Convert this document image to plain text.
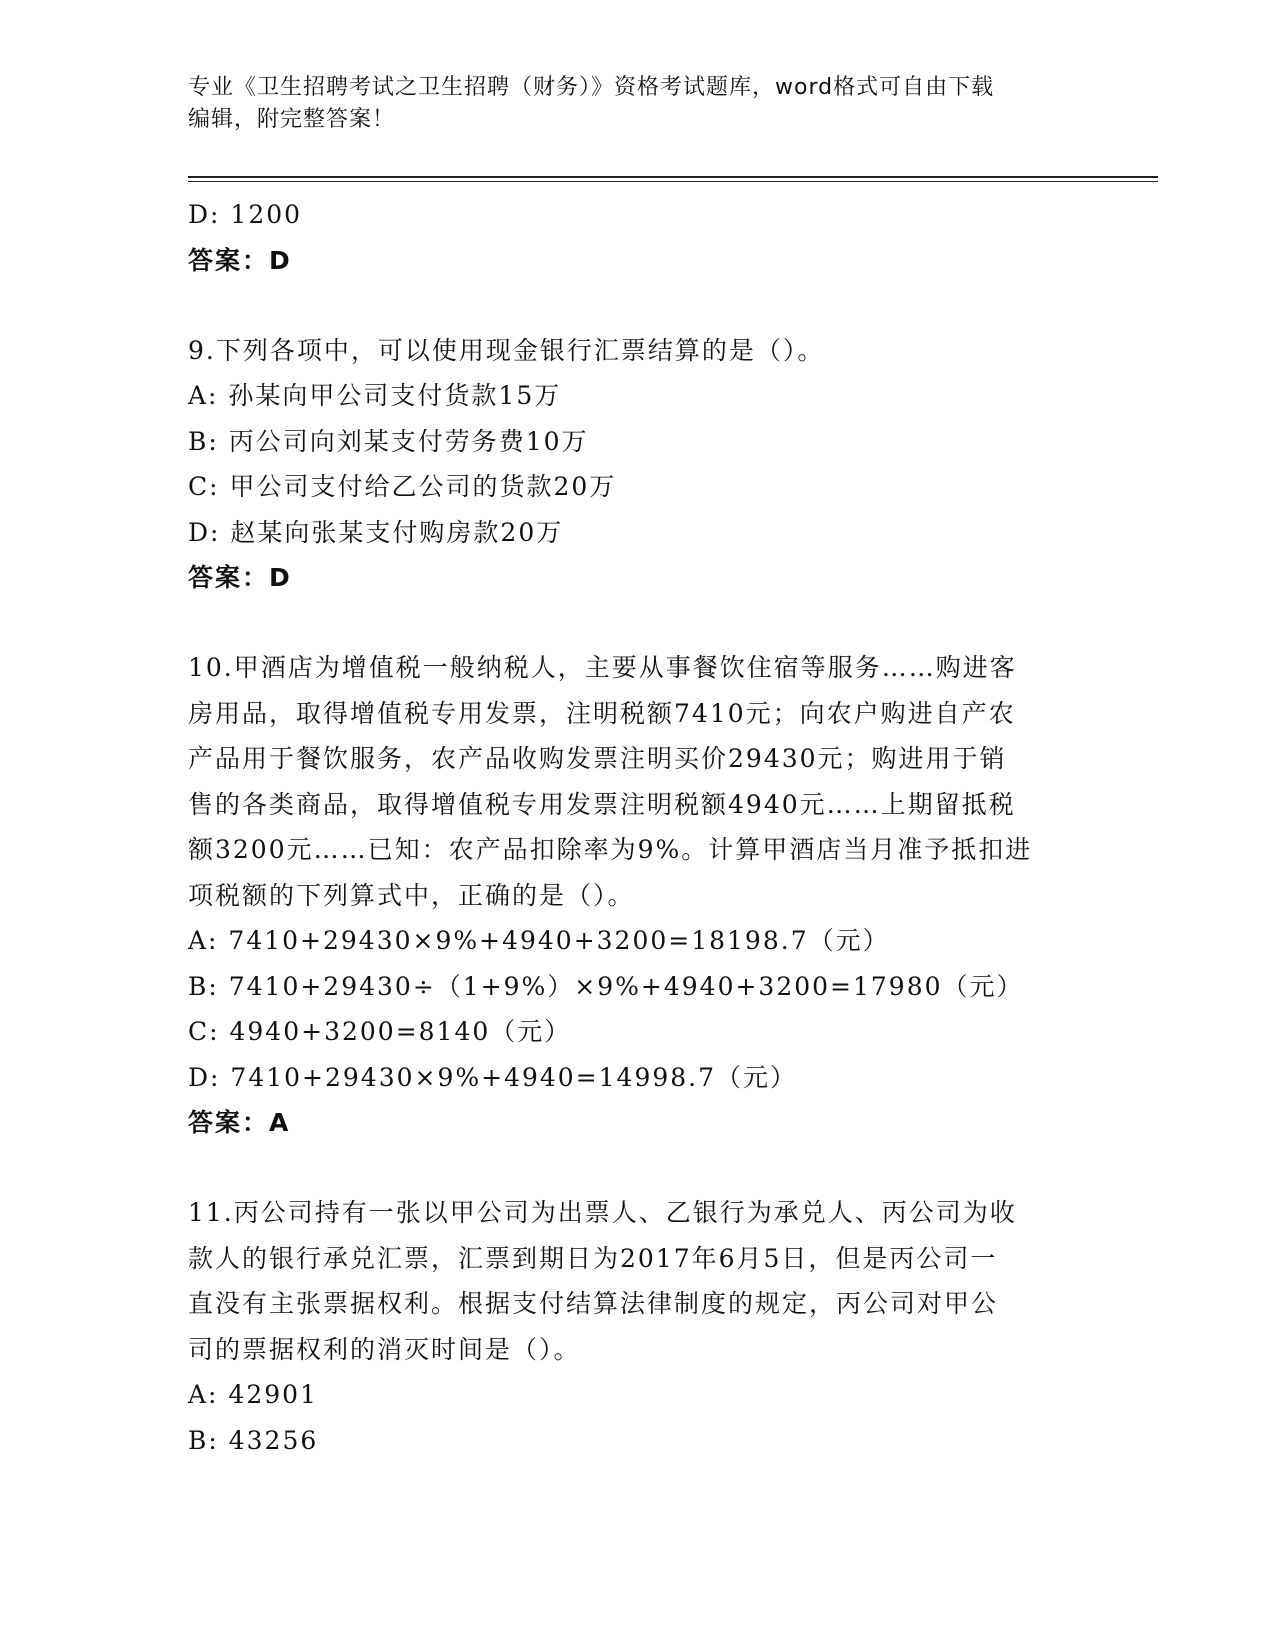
专业《卫生招聘考试之卫生招聘（财务）》资格考试题库，word格式可自由下载
编辑，附完整答案！
D: 1200
答案：D
9.下列各项中，可以使用现金银行汇票结算的是（）。
A: 孙某向甲公司支付货款15万
B: 丙公司向刘某支付劳务费10万
C: 甲公司支付给乙公司的货款20万
D: 赵某向张某支付购房款20万
答案：D
10.甲酒店为增值税一般纳税人，主要从事餐饮住宿等服务……购进客
房用品，取得增值税专用发票，注明税额7410元；向农户购进自产农
产品用于餐饮服务，农产品收购发票注明买价29430元；购进用于销
售的各类商品，取得增值税专用发票注明税额4940元……上期留抵税
额3200元……已知：农产品扣除率为9%。计算甲酒店当月准予抵扣进
项税额的下列算式中，正确的是（）。
A: 7410+29430×9%+4940+3200=18198.7（元）
B: 7410+29430÷（1+9%）×9%+4940+3200=17980（元）
C: 4940+3200=8140（元）
D: 7410+29430×9%+4940=14998.7（元）
答案：A
11.丙公司持有一张以甲公司为出票人、乙银行为承兑人、丙公司为收
款人的银行承兑汇票，汇票到期日为2017年6月5日，但是丙公司一
直没有主张票据权利。根据支付结算法律制度的规定，丙公司对甲公
司的票据权利的消灭时间是（）。
A: 42901
B: 43256
